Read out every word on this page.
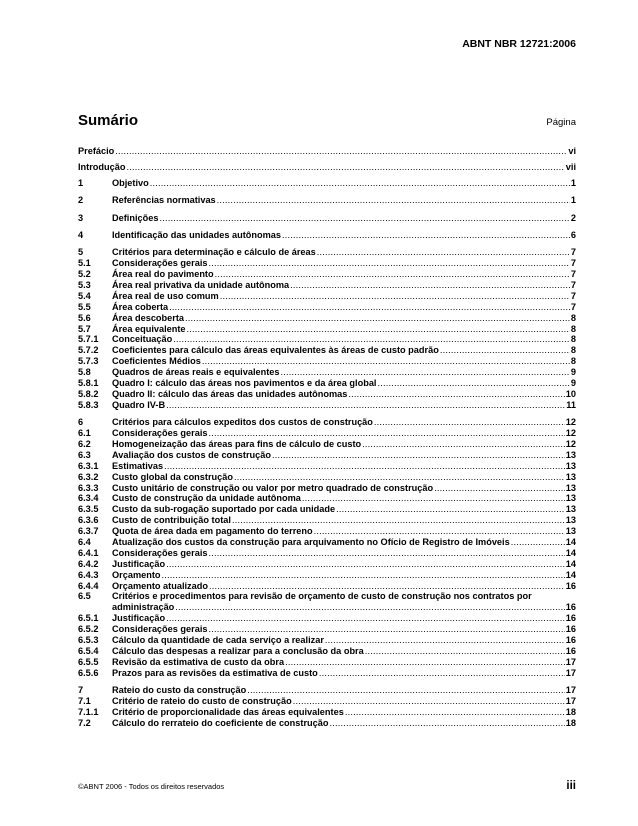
ABNT NBR 12721:2006
Sumário	Página
Prefácio .....	vi
Introdução .....	vii
1	Objetivo .....	1
2	Referências normativas .....	1
3	Definições .....	2
4	Identificação das unidades autônomas .....	6
5	Critérios para determinação e cálculo de áreas .....	7
5.1	Considerações gerais .....	7
5.2	Área real do pavimento .....	7
5.3	Área real privativa da unidade autônoma .....	7
5.4	Área real de uso comum .....	7
5.5	Área coberta .....	7
5.6	Área descoberta .....	8
5.7	Área equivalente .....	8
5.7.1	Conceituação .....	8
5.7.2	Coeficientes para cálculo das áreas equivalentes às áreas de custo padrão .....	8
5.7.3	Coeficientes Médios .....	8
5.8	Quadros de áreas reais e equivalentes .....	9
5.8.1	Quadro I: cálculo das áreas nos pavimentos e da área global .....	9
5.8.2	Quadro II: cálculo das áreas das unidades autônomas .....	10
5.8.3	Quadro IV-B .....	11
6	Critérios para cálculos expeditos dos custos de construção .....	12
6.1	Considerações gerais .....	12
6.2	Homogeneização das áreas para fins de cálculo de custo .....	12
6.3	Avaliação dos custos de construção .....	13
6.3.1	Estimativas .....	13
6.3.2	Custo global da construção .....	13
6.3.3	Custo unitário de construção ou valor por metro quadrado de construção .....	13
6.3.4	Custo de construção da unidade autônoma .....	13
6.3.5	Custo da sub-rogação suportado por cada unidade .....	13
6.3.6	Custo de contribuição total .....	13
6.3.7	Quota de área dada em pagamento do terreno .....	13
6.4	Atualização dos custos da construção para arquivamento no Ofício de Registro de Imóveis .....	14
6.4.1	Considerações gerais .....	14
6.4.2	Justificação .....	14
6.4.3	Orçamento .....	14
6.4.4	Orçamento atualizado .....	16
6.5	Critérios e procedimentos para revisão de orçamento de custo de construção nos contratos por
administração .....	16
6.5.1	Justificação .....	16
6.5.2	Considerações gerais .....	16
6.5.3	Cálculo da quantidade de cada serviço a realizar .....	16
6.5.4	Cálculo das despesas a realizar para a conclusão da obra .....	16
6.5.5	Revisão da estimativa de custo da obra .....	17
6.5.6	Prazos para as revisões da estimativa de custo .....	17
7	Rateio do custo da construção .....	17
7.1	Critério de rateio do custo de construção .....	17
7.1.1	Critério de proporcionalidade das áreas equivalentes .....	18
7.2	Cálculo do rerrateio do coeficiente de construção .....	18
©ABNT 2006 - Todos os direitos reservados	iii
